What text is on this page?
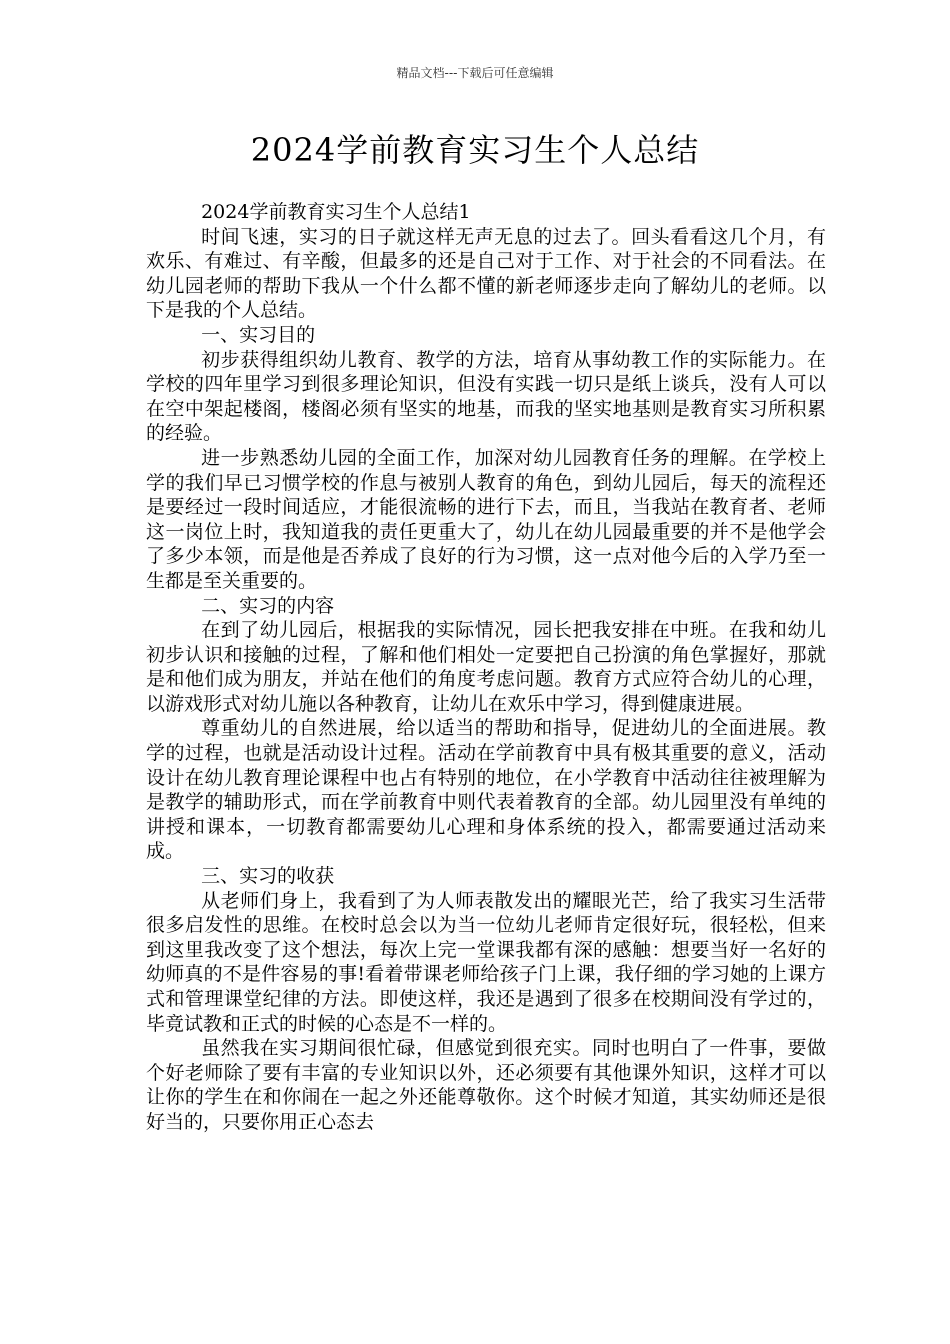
精品文档---下载后可任意编辑
2024学前教育实习生个人总结

2024学前教育实习生个人总结1

时间飞速，实习的日子就这样无声无息的过去了。回头看看这几个月，有欢乐、有难过、有辛酸，但最多的还是自己对于工作、对于社会的不同看法。在幼儿园老师的帮助下我从一个什么都不懂的新老师逐步走向了解幼儿的老师。以下是我的个人总结。

一、实习目的

初步获得组织幼儿教育、教学的方法，培育从事幼教工作的实际能力。在学校的四年里学习到很多理论知识，但没有实践一切只是纸上谈兵，没有人可以在空中架起楼阁，楼阁必须有坚实的地基，而我的坚实地基则是教育实习所积累的经验。

进一步熟悉幼儿园的全面工作，加深对幼儿园教育任务的理解。在学校上学的我们早已习惯学校的作息与被别人教育的角色，到幼儿园后，每天的流程还是要经过一段时间适应，才能很流畅的进行下去，而且，当我站在教育者、老师这一岗位上时，我知道我的责任更重大了，幼儿在幼儿园最重要的并不是他学会了多少本领，而是他是否养成了良好的行为习惯，这一点对他今后的入学乃至一生都是至关重要的。

二、实习的内容

在到了幼儿园后，根据我的实际情况，园长把我安排在中班。在我和幼儿初步认识和接触的过程，了解和他们相处一定要把自己扮演的角色掌握好，那就是和他们成为朋友，并站在他们的角度考虑问题。教育方式应符合幼儿的心理，以游戏形式对幼儿施以各种教育，让幼儿在欢乐中学习，得到健康进展。

尊重幼儿的自然进展，给以适当的帮助和指导，促进幼儿的全面进展。教学的过程，也就是活动设计过程。活动在学前教育中具有极其重要的意义，活动设计在幼儿教育理论课程中也占有特别的地位，在小学教育中活动往往被理解为是教学的辅助形式，而在学前教育中则代表着教育的全部。幼儿园里没有单纯的讲授和课本，一切教育都需要幼儿心理和身体系统的投入，都需要通过活动来成。

三、实习的收获

从老师们身上，我看到了为人师表散发出的耀眼光芒，给了我实习生活带很多启发性的思维。在校时总会以为当一位幼儿老师肯定很好玩，很轻松，但来到这里我改变了这个想法，每次上完一堂课我都有深的感触：想要当好一名好的幼师真的不是件容易的事!看着带课老师给孩子门上课，我仔细的学习她的上课方式和管理课堂纪律的方法。即使这样，我还是遇到了很多在校期间没有学过的，毕竟试教和正式的时候的心态是不一样的。

虽然我在实习期间很忙碌，但感觉到很充实。同时也明白了一件事，要做个好老师除了要有丰富的专业知识以外，还必须要有其他课外知识，这样才可以让你的学生在和你闹在一起之外还能尊敬你。这个时候才知道，其实幼师还是很好当的，只要你用正心态去
